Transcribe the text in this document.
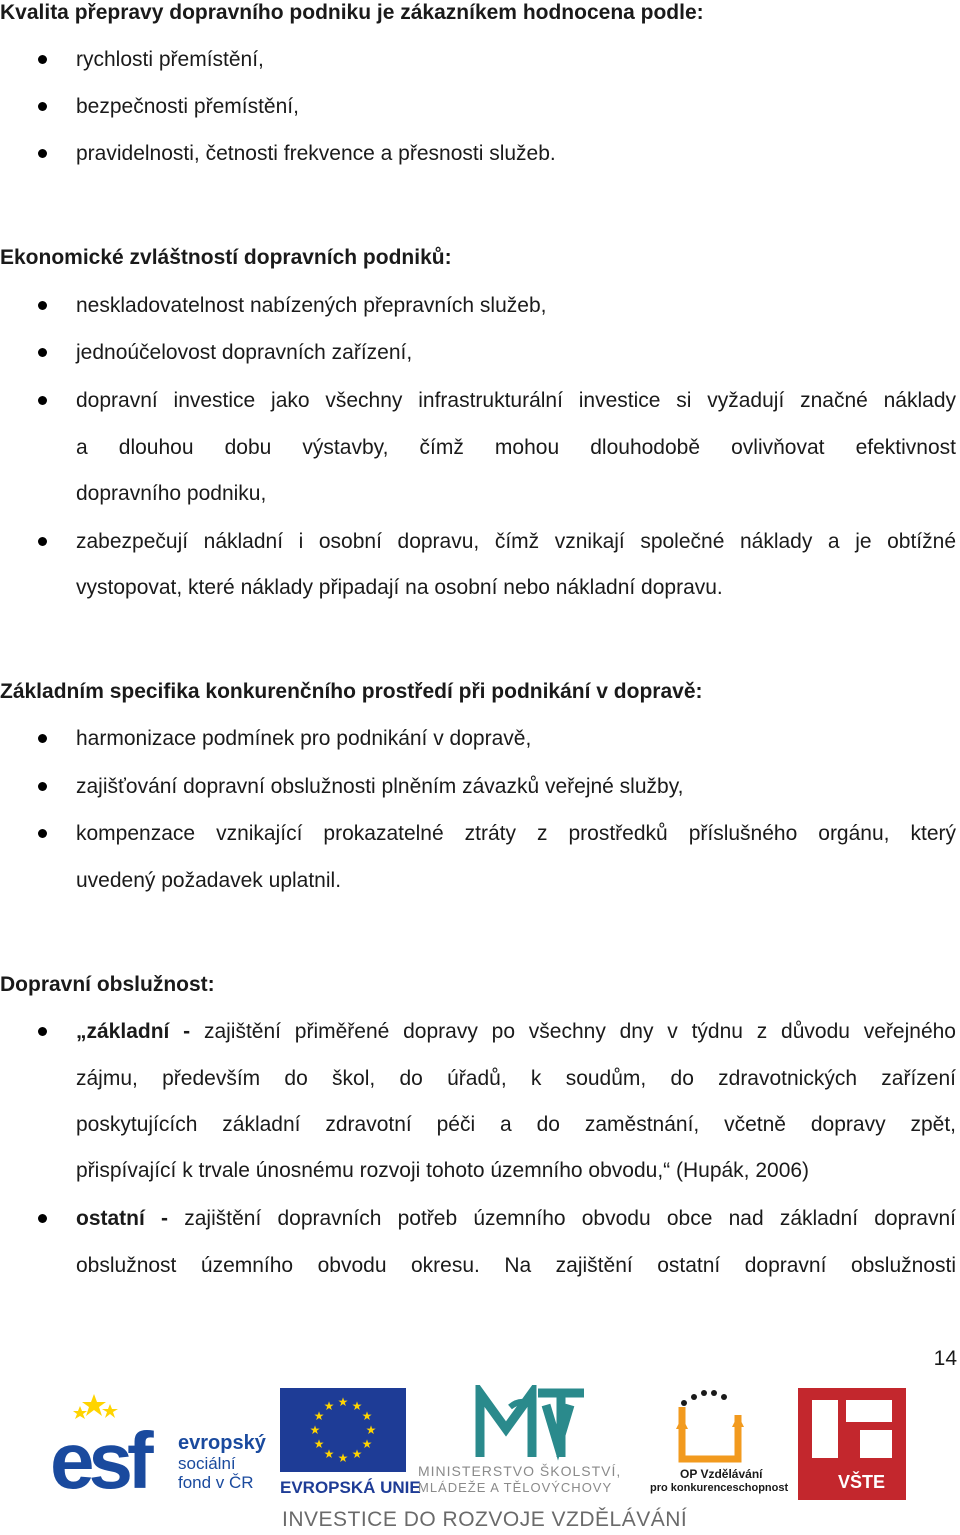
Kvalita přepravy dopravního podniku je zákazníkem hodnocena podle:
rychlosti přemístění,
bezpečnosti přemístění,
pravidelnosti, četnosti frekvence a přesnosti služeb.
Ekonomické zvláštností dopravních podniků:
neskladovatelnost nabízených přepravních služeb,
jednoúčelovost dopravních zařízení,
dopravní investice jako všechny infrastrukturální investice si vyžadují značné náklady
a dlouhou dobu výstavby, čímž mohou dlouhodobě ovlivňovat efektivnost
dopravního podniku,
zabezpečují nákladní i osobní dopravu, čímž vznikají společné náklady a je obtížné
vystopovat, které náklady připadají na osobní nebo nákladní dopravu.
Základním specifika konkurenčního prostředí při podnikání v dopravě:
harmonizace podmínek pro podnikání v dopravě,
zajišťování dopravní obslužnosti plněním závazků veřejné služby,
kompenzace vznikající prokazatelné ztráty z prostředků příslušného orgánu, který
uvedený požadavek uplatnil.
Dopravní obslužnost:
„základní - zajištění přiměřené dopravy po všechny dny v týdnu z důvodu veřejného
zájmu, především do škol, do úřadů, k soudům, do zdravotnických zařízení
poskytujících základní zdravotní péči a do zaměstnání, včetně dopravy zpět,
přispívající k trvale únosnému rozvoji tohoto územního obvodu,“ (Hupák, 2006)
ostatní - zajištění dopravních potřeb územního obvodu obce nad základní dopravní
obslužnost územního obvodu okresu. Na zajištění ostatní dopravní obslužnosti
14
esf	evropský
sociální
fond v ČR
★ ★
★
★
★
★
★
★
★
★
★
★
EVROPSKÁ UNIE
MINISTERSTVO ŠKOLSTVÍ,
MLÁDEŽE A TĚLOVÝCHOVY
OP Vzdělávání
pro konkurenceschopnost	VŠTE
INVESTICE DO ROZVOJE VZDĚLÁVÁNÍ
